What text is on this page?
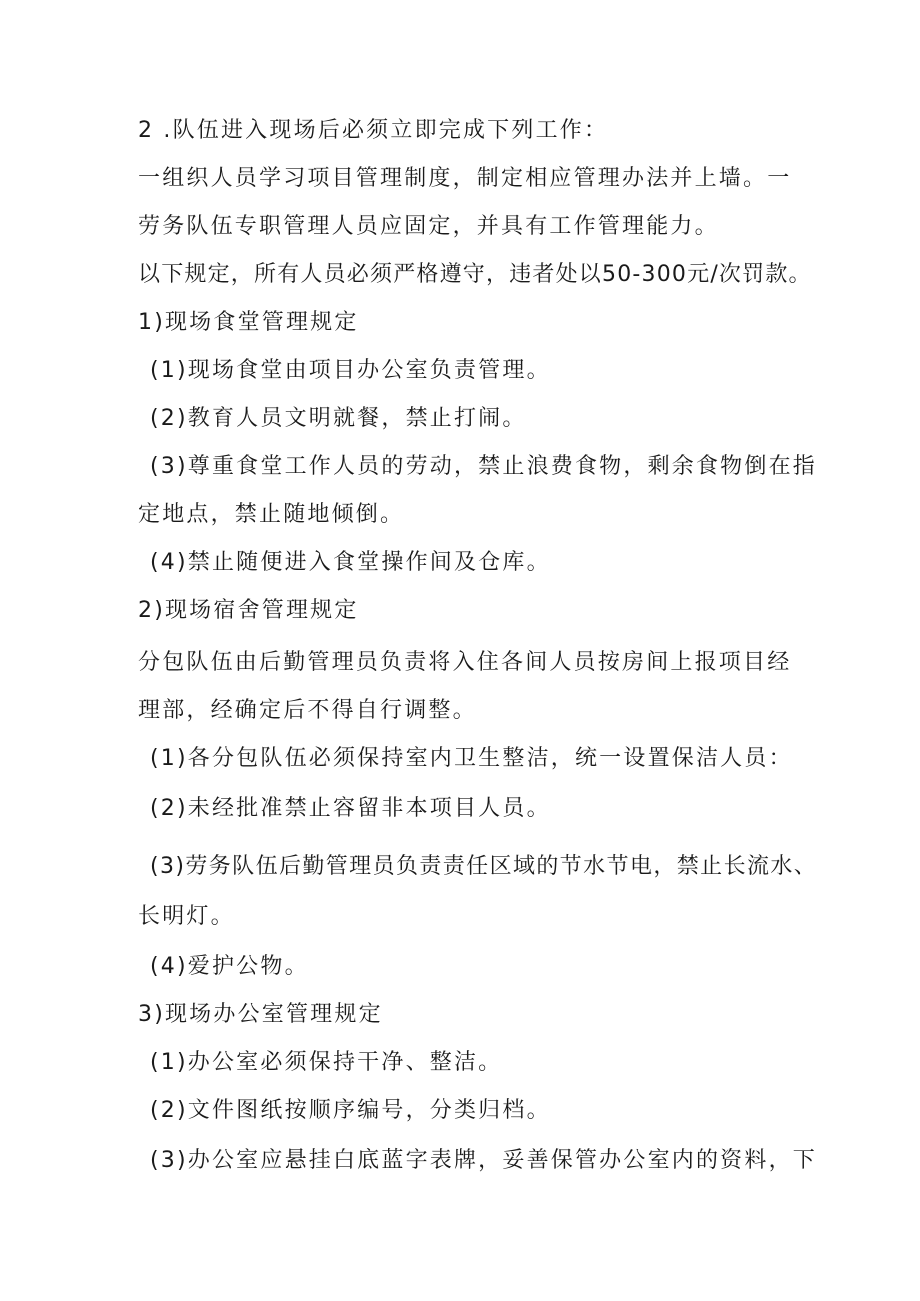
2 .队伍进入现场后必须立即完成下列工作：
一组织人员学习项目管理制度，制定相应管理办法并上墙。一
劳务队伍专职管理人员应固定，并具有工作管理能力。
以下规定，所有人员必须严格遵守，违者处以50-300元/次罚款。
1)现场食堂管理规定
(1)现场食堂由项目办公室负责管理。
(2)教育人员文明就餐，禁止打闹。
(3)尊重食堂工作人员的劳动，禁止浪费食物，剩余食物倒在指
定地点，禁止随地倾倒。
(4)禁止随便进入食堂操作间及仓库。
2)现场宿舍管理规定
分包队伍由后勤管理员负责将入住各间人员按房间上报项目经
理部，经确定后不得自行调整。
(1)各分包队伍必须保持室内卫生整洁，统一设置保洁人员：
(2)未经批准禁止容留非本项目人员。
(3)劳务队伍后勤管理员负责责任区域的节水节电，禁止长流水、
长明灯。
(4)爱护公物。
3)现场办公室管理规定
(1)办公室必须保持干净、整洁。
(2)文件图纸按顺序编号，分类归档。
(3)办公室应悬挂白底蓝字表牌，妥善保管办公室内的资料，下
